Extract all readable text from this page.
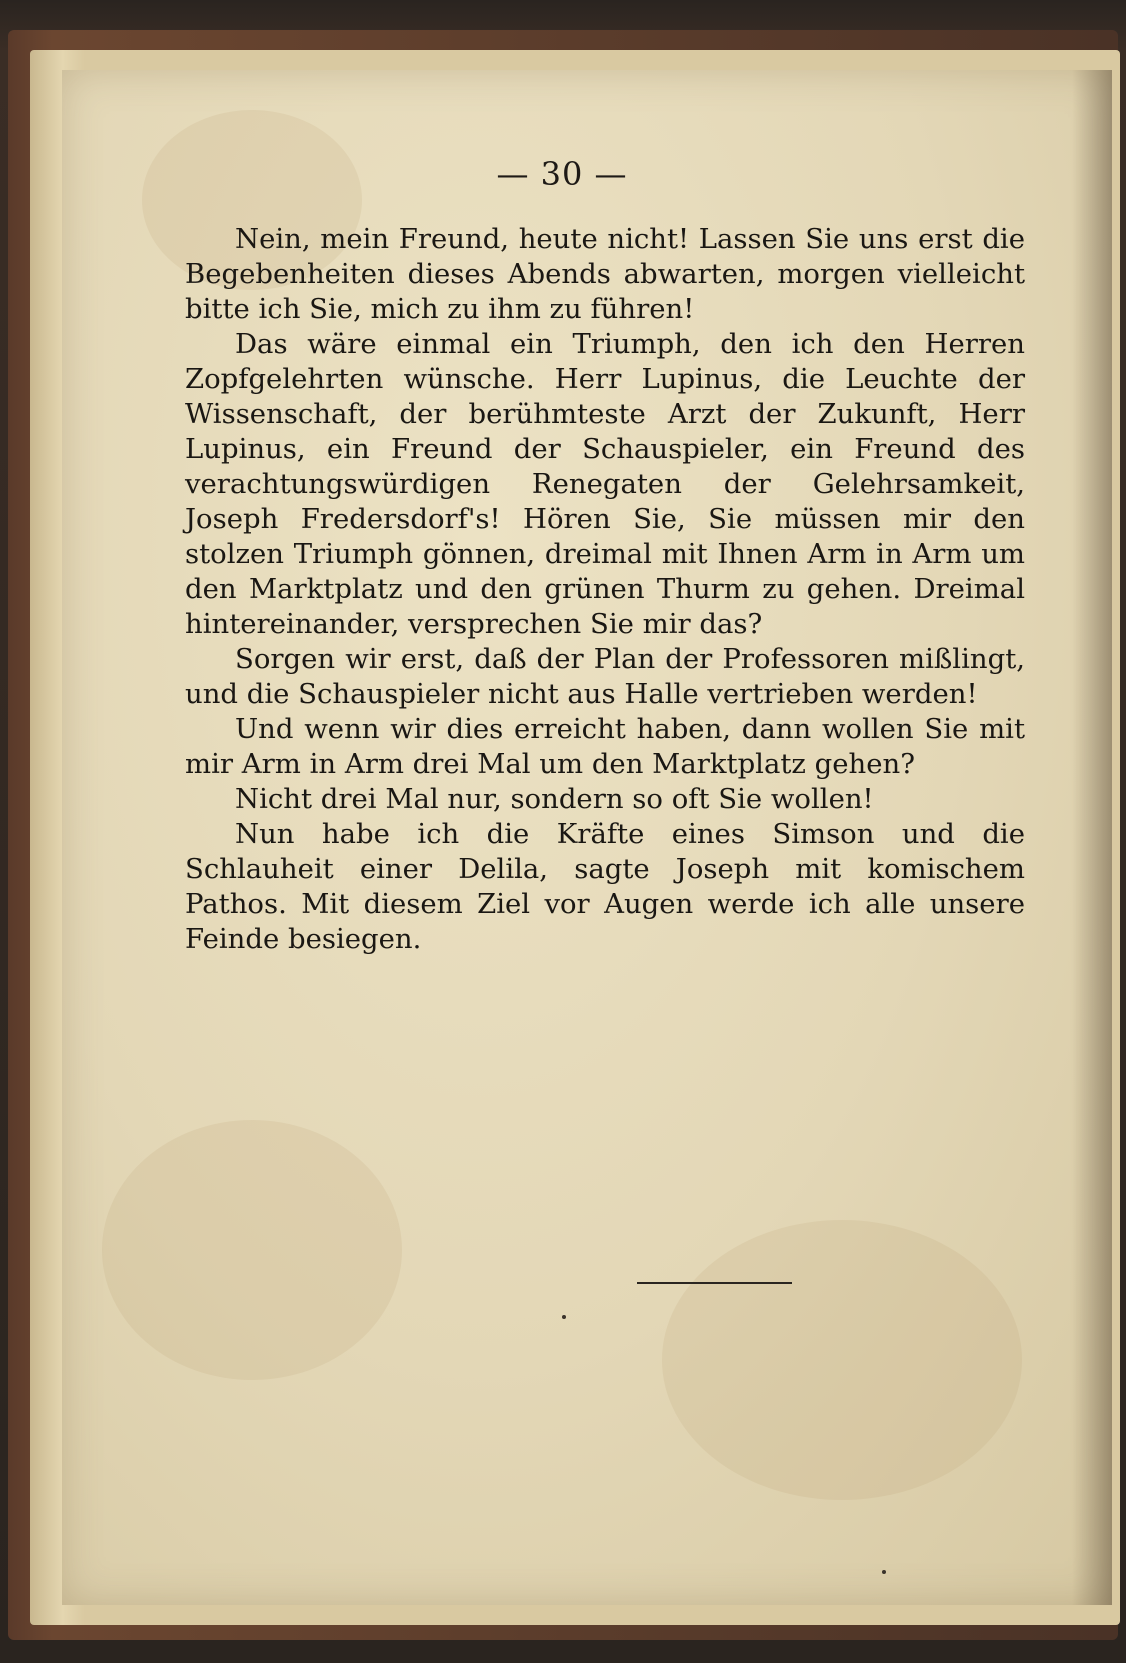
— 30 —

Nein, mein Freund, heute nicht! Lassen Sie uns erst die Begebenheiten dieses Abends abwarten, morgen vielleicht bitte ich Sie, mich zu ihm zu führen!

Das wäre einmal ein Triumph, den ich den Herren Zopfgelehrten wünsche. Herr Lupinus, die Leuchte der Wissenschaft, der berühmteste Arzt der Zukunft, Herr Lupinus, ein Freund der Schauspieler, ein Freund des verachtungswürdigen Renegaten der Gelehrsamkeit, Joseph Fredersdorf's! Hören Sie, Sie müssen mir den stolzen Triumph gönnen, dreimal mit Ihnen Arm in Arm um den Marktplatz und den grünen Thurm zu gehen. Dreimal hintereinander, versprechen Sie mir das?

Sorgen wir erst, daß der Plan der Professoren mißlingt, und die Schauspieler nicht aus Halle vertrieben werden!

Und wenn wir dies erreicht haben, dann wollen Sie mit mir Arm in Arm drei Mal um den Marktplatz gehen?

Nicht drei Mal nur, sondern so oft Sie wollen!

Nun habe ich die Kräfte eines Simson und die Schlauheit einer Delila, sagte Joseph mit komischem Pathos. Mit diesem Ziel vor Augen werde ich alle unsere Feinde besiegen.
